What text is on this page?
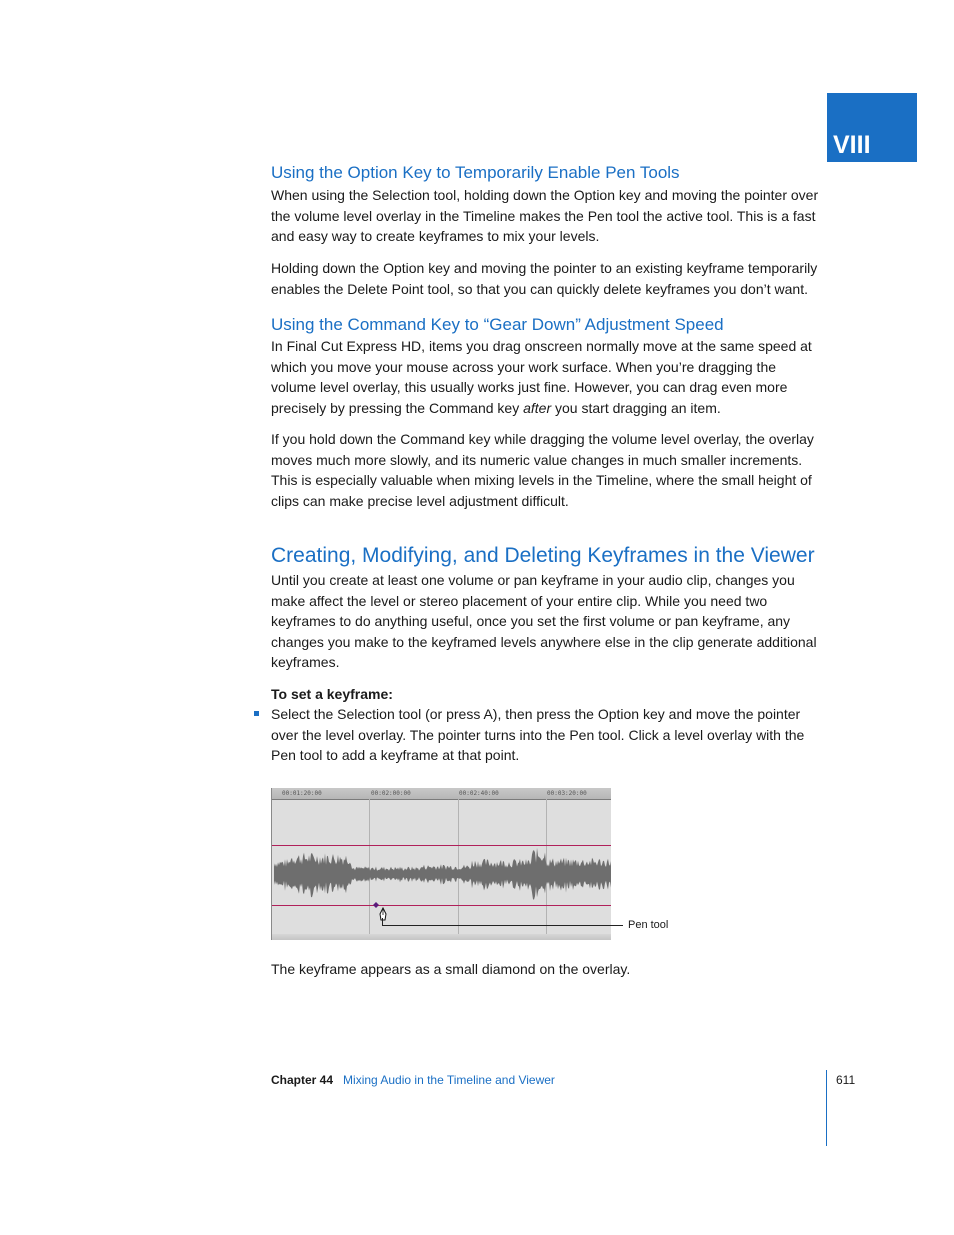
VIII
Using the Option Key to Temporarily Enable Pen Tools

When using the Selection tool, holding down the Option key and moving the pointer over the volume level overlay in the Timeline makes the Pen tool the active tool. This is a fast and easy way to create keyframes to mix your levels.

Holding down the Option key and moving the pointer to an existing keyframe temporarily enables the Delete Point tool, so that you can quickly delete keyframes you don’t want.

Using the Command Key to “Gear Down” Adjustment Speed

In Final Cut Express HD, items you drag onscreen normally move at the same speed at which you move your mouse across your work surface. When you’re dragging the volume level overlay, this usually works just fine. However, you can drag even more precisely by pressing the Command key after you start dragging an item.

If you hold down the Command key while dragging the volume level overlay, the overlay moves much more slowly, and its numeric value changes in much smaller increments. This is especially valuable when mixing levels in the Timeline, where the small height of clips can make precise level adjustment difficult.

Creating, Modifying, and Deleting Keyframes in the Viewer

Until you create at least one volume or pan keyframe in your audio clip, changes you make affect the level or stereo placement of your entire clip. While you need two keyframes to do anything useful, once you set the first volume or pan keyframe, any changes you make to the keyframed levels anywhere else in the clip generate additional keyframes.

To set a keyframe:

Select the Selection tool (or press A), then press the Option key and move the pointer over the level overlay. The pointer turns into the Pen tool. Click a level overlay with the Pen tool to add a keyframe at that point.

00:01:20:00	00:02:00:00	00:02:40:00	00:03:20:00
Pen tool

The keyframe appears as a small diamond on the overlay.

Chapter 44 Mixing Audio in the Timeline and Viewer	611
